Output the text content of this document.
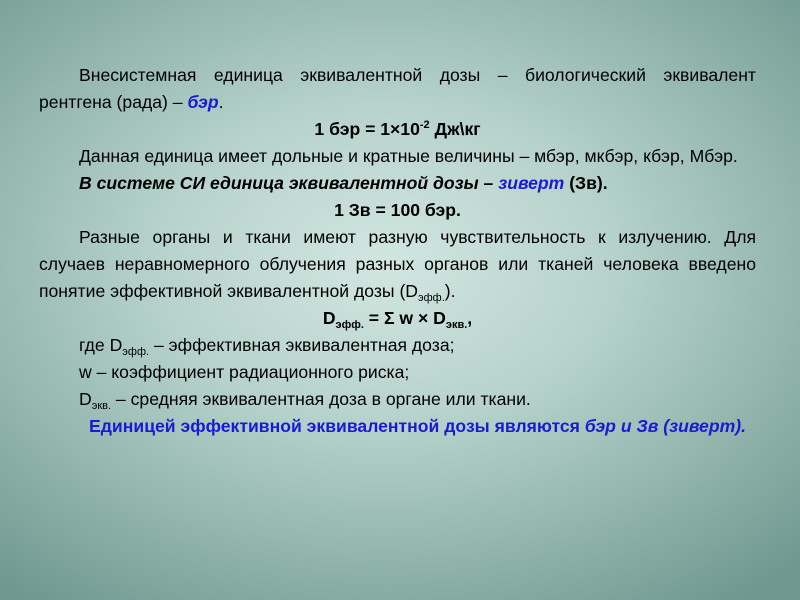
Внесистемная единица эквивалентной дозы – биологический эквивалент рентгена (рада) – бэр.

1 бэр = $1\times 10^{-2}$ Дж\кг

Данная единица имеет дольные и кратные величины – мбэр, мкбэр, кбэр, Мбэр.

В системе СИ единица эквивалентной дозы – зиверт (Зв).

1 Зв = 100 бэр.

Разные органы и ткани имеют разную чувствительность к излучению. Для случаев неравномерного облучения разных органов или тканей человека введено понятие эффективной эквивалентной дозы $(D_{эфф.})$.

$D_{эфф.} = \Sigma$ $w \times D_{экв.}$,

где $D_{эфф.}$ – эффективная эквивалентная доза;

w – коэффициент радиационного риска;

$D_{экв.}$ – средняя эквивалентная доза в органе или ткани.

Единицей эффективной эквивалентной дозы являются бэр и Зв (зиверт).
